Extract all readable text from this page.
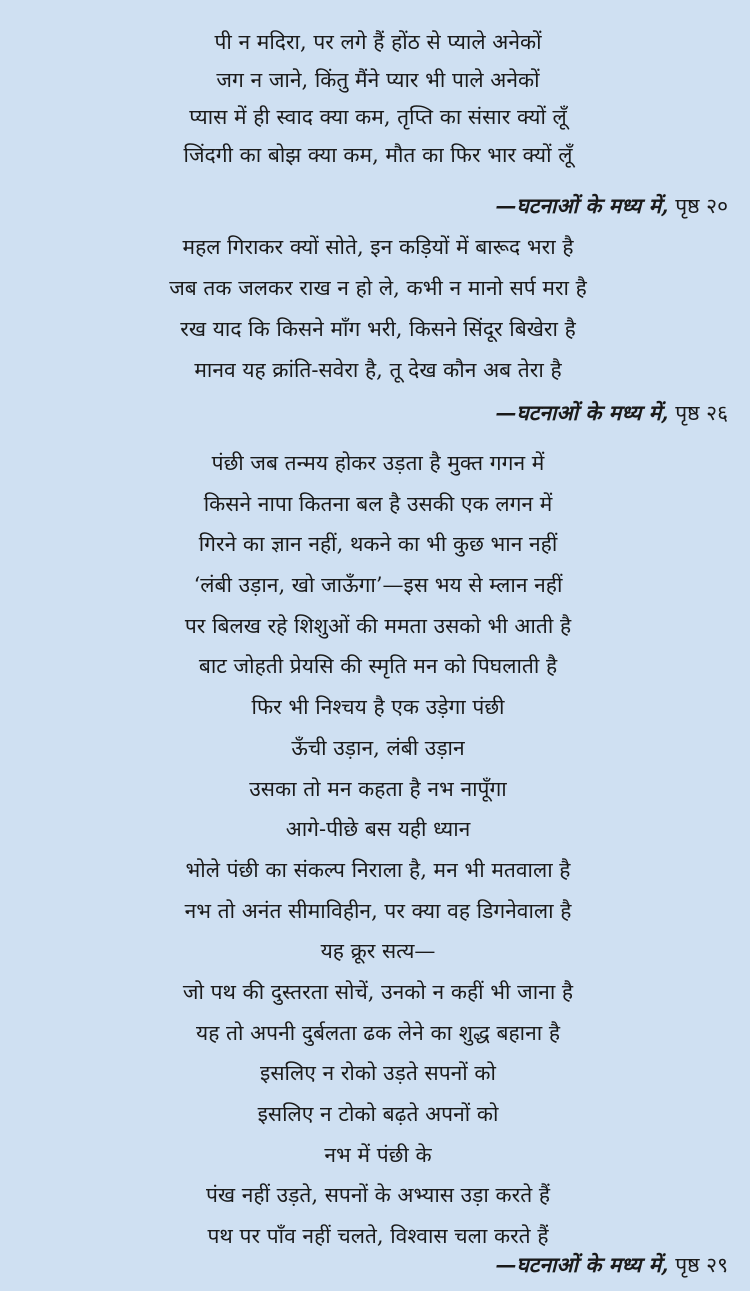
पी न मदिरा, पर लगे हैं होंठ से प्याले अनेकों
जग न जाने, किंतु मैंने प्यार भी पाले अनेकों
प्यास में ही स्वाद क्या कम, तृप्ति का संसार क्यों लूँ
जिंदगी का बोझ क्या कम, मौत का फिर भार क्यों लूँ
—घटनाओं के मध्य में, पृष्ठ २०
महल गिराकर क्यों सोते, इन कड़ियों में बारूद भरा है
जब तक जलकर राख न हो ले, कभी न मानो सर्प मरा है
रख याद कि किसने माँग भरी, किसने सिंदूर बिखेरा है
मानव यह क्रांति-सवेरा है, तू देख कौन अब तेरा है
—घटनाओं के मध्य में, पृष्ठ २६
पंछी जब तन्मय होकर उड़ता है मुक्त गगन में
किसने नापा कितना बल है उसकी एक लगन में
गिरने का ज्ञान नहीं, थकने का भी कुछ भान नहीं
‘लंबी उड़ान, खो जाऊँगा’—इस भय से म्लान नहीं
पर बिलख रहे शिशुओं की ममता उसको भी आती है
बाट जोहती प्रेयसि की स्मृति मन को पिघलाती है
फिर भी निश्चय है एक उड़ेगा पंछी
ऊँची उड़ान, लंबी उड़ान
उसका तो मन कहता है नभ नापूँगा
आगे-पीछे बस यही ध्यान
भोले पंछी का संकल्प निराला है, मन भी मतवाला है
नभ तो अनंत सीमाविहीन, पर क्या वह डिगनेवाला है
यह क्रूर सत्य—
जो पथ की दुस्तरता सोचें, उनको न कहीं भी जाना है
यह तो अपनी दुर्बलता ढक लेने का शुद्ध बहाना है
इसलिए न रोको उड़ते सपनों को
इसलिए न टोको बढ़ते अपनों को
नभ में पंछी के
पंख नहीं उड़ते, सपनों के अभ्यास उड़ा करते हैं
पथ पर पाँव नहीं चलते, विश्वास चला करते हैं
—घटनाओं के मध्य में, पृष्ठ २९
